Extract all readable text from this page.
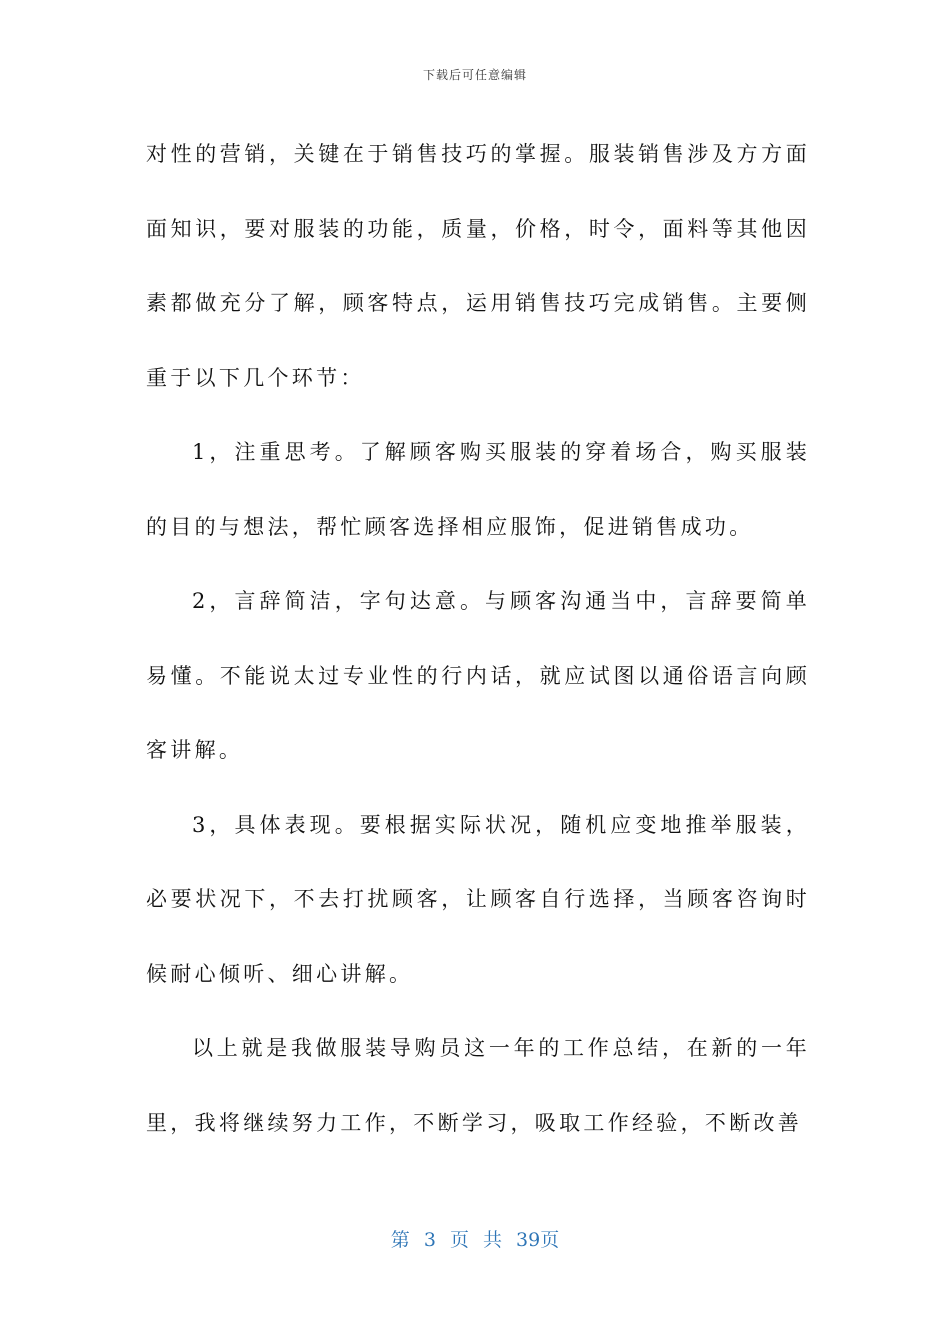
下载后可任意编辑

对性的营销，关键在于销售技巧的掌握。服装销售涉及方方面面知识，要对服装的功能，质量，价格，时令，面料等其他因素都做充分了解，顾客特点，运用销售技巧完成销售。主要侧重于以下几个环节：

1，注重思考。了解顾客购买服装的穿着场合，购买服装的目的与想法，帮忙顾客选择相应服饰，促进销售成功。

2，言辞简洁，字句达意。与顾客沟通当中，言辞要简单易懂。不能说太过专业性的行内话，就应试图以通俗语言向顾客讲解。

3，具体表现。要根据实际状况，随机应变地推举服装，必要状况下，不去打扰顾客，让顾客自行选择，当顾客咨询时候耐心倾听、细心讲解。

以上就是我做服装导购员这一年的工作总结，在新的一年里，我将继续努力工作，不断学习，吸取工作经验，不断改善

第 3 页 共 39页
